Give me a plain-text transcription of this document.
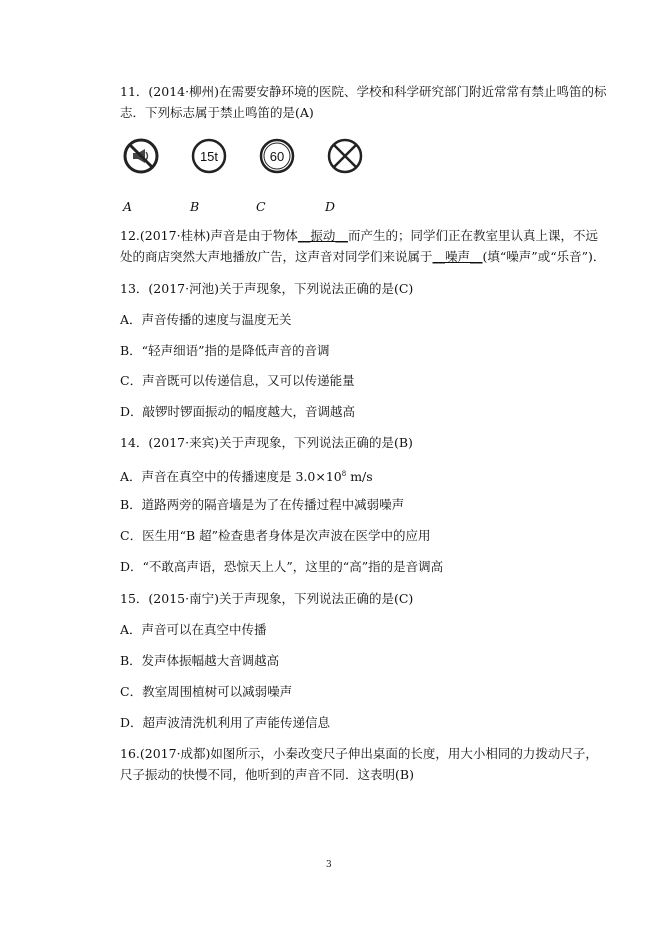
11．(2014·柳州)在需要安静环境的医院、学校和科学研究部门附近常常有禁止鸣笛的标
志．下列标志属于禁止鸣笛的是(A)
15t	60
A	B	C	D
12.(2017·桂林)声音是由于物体__振动__而产生的；同学们正在教室里认真上课，不远
处的商店突然大声地播放广告，这声音对同学们来说属于__噪声__(填“噪声”或“乐音”)．
13．(2017·河池)关于声现象，下列说法正确的是(C)
A．声音传播的速度与温度无关
B．“轻声细语”指的是降低声音的音调
C．声音既可以传递信息，又可以传递能量
D．敲锣时锣面振动的幅度越大，音调越高
14．(2017·来宾)关于声现象，下列说法正确的是(B)
A．声音在真空中的传播速度是 $3.0\times 10^8$ m/s
B．道路两旁的隔音墙是为了在传播过程中减弱噪声
C．医生用“B 超”检查患者身体是次声波在医学中的应用
D．“不敢高声语，恐惊天上人”，这里的“高”指的是音调高
15．(2015·南宁)关于声现象，下列说法正确的是(C)
A．声音可以在真空中传播
B．发声体振幅越大音调越高
C．教室周围植树可以减弱噪声
D．超声波清洗机利用了声能传递信息
16.(2017·成都)如图所示，小秦改变尺子伸出桌面的长度，用大小相同的力拨动尺子，
尺子振动的快慢不同，他听到的声音不同．这表明(B)
3
